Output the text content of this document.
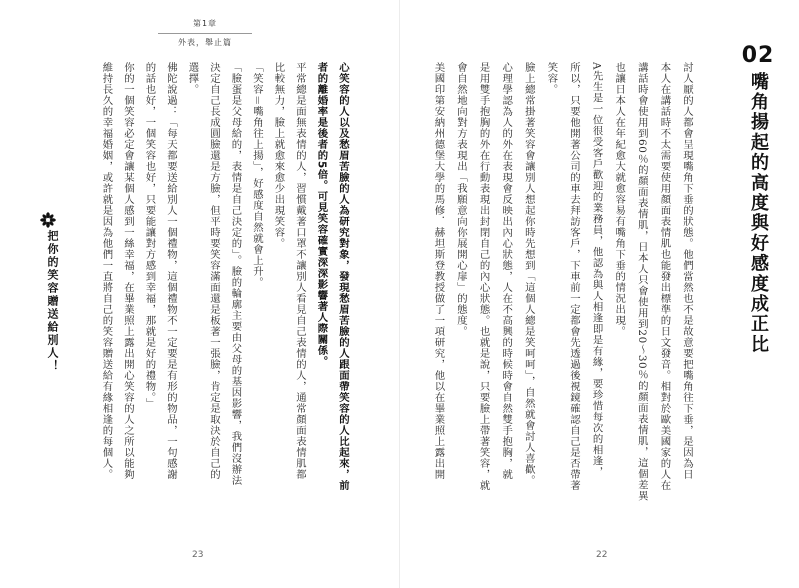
第1章
外表，舉止篇
心笑容的人以及愁眉苦臉的人為研究對象，發現愁眉苦臉的人跟面帶笑容的人比起來，前
者的離婚率是後者的5倍。可見笑容確實深深影響著人際關係。
平常總是面無表情的人，習慣戴著口罩不讓別人看見自己表情的人，通常顏面表情肌都
比較無力，臉上就愈來愈少出現笑容。
「笑容＝嘴角往上揚」，好感度自然就會上升。
「臉蛋是父母給的，表情是自己決定的」。臉的輪廓主要由父母的基因影響，我們沒辦法
決定自己長成圓臉還是方臉，但平時要笑容滿面還是板著一張臉，肯定是取決於自己的
選擇。
佛陀說過：「每天都要送給別人一個禮物，這個禮物不一定要是有形的物品，一句感謝
的話也好，一個笑容也好，只要能讓對方感到幸福，那就是好的禮物。」
你的一個笑容必定會讓某個人感到一絲幸福，在畢業照上露出開心笑容的人之所以能夠
維持長久的幸福婚姻，或許就是因為他們一直將自己的笑容贈送給有緣相逢的每個人。
把你的笑容贈送給別人！
23
02
嘴角揚起的高度與好感度成正比
討人厭的人都會呈現嘴角下垂的狀態。他們當然也不是故意要把嘴角往下垂，是因為日
本人在講話時不太需要使用顏面表情肌也能發出標準的日文發音。相對於歐美國家的人在
講話時會使用到60％的顏面表情肌，日本人只會使用到20～30％的顏面表情肌，這個差異
也讓日本人在年紀愈大就愈容易有嘴角下垂的情況出現。
A先生是一位很受客戶歡迎的業務員，他認為與人相逢即是有緣，要珍惜每次的相逢，
所以，只要他開著公司的車去拜訪客戶，下車前一定都會先透過後視鏡確認自己是否帶著
笑容。
臉上總常掛著笑容會讓別人想起你時先想到「這個人總是笑呵呵」，自然就會討人喜歡。
心理學認為人的外在表現會反映出內心狀態，人在不高興的時候時會自然雙手抱胸，就
是用雙手抱胸的外在行動表現出封閉自己的內心狀態。也就是說，只要臉上帶著笑容，就
會自然地向對方表現出「我願意向你展開心扉」的態度。
美國印第安納州德堡大學的馬修．赫坦斯登教授做了一項研究，他以在畢業照上露出開
22
